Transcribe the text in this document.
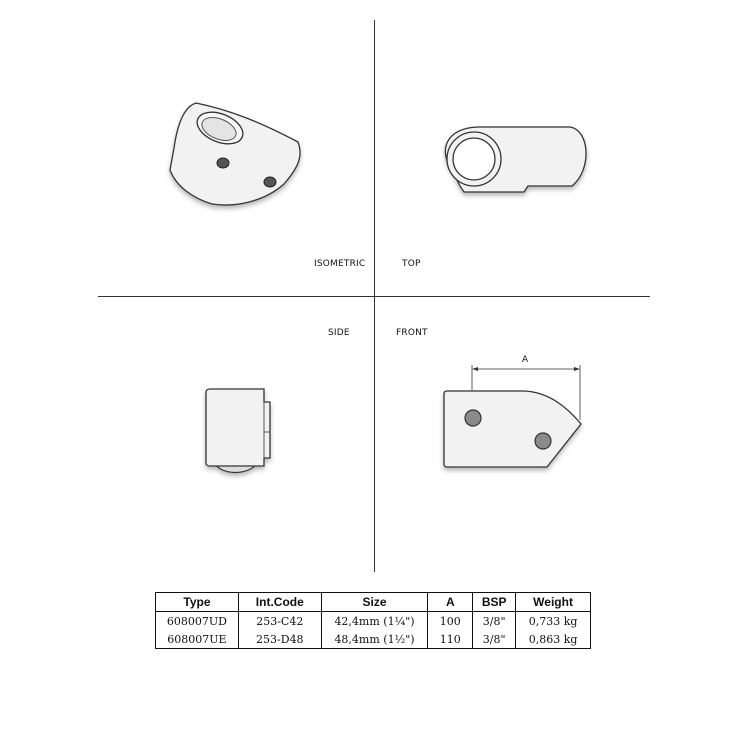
A
ISOMETRIC	TOP
SIDE	FRONT
Type	Int.Code	Size	A	BSP	Weight
608007UD	253-C42	42,4mm (1¼")	100	3/8"	0,733 kg
608007UE	253-D48	48,4mm (1½")	110	3/8"	0,863 kg
